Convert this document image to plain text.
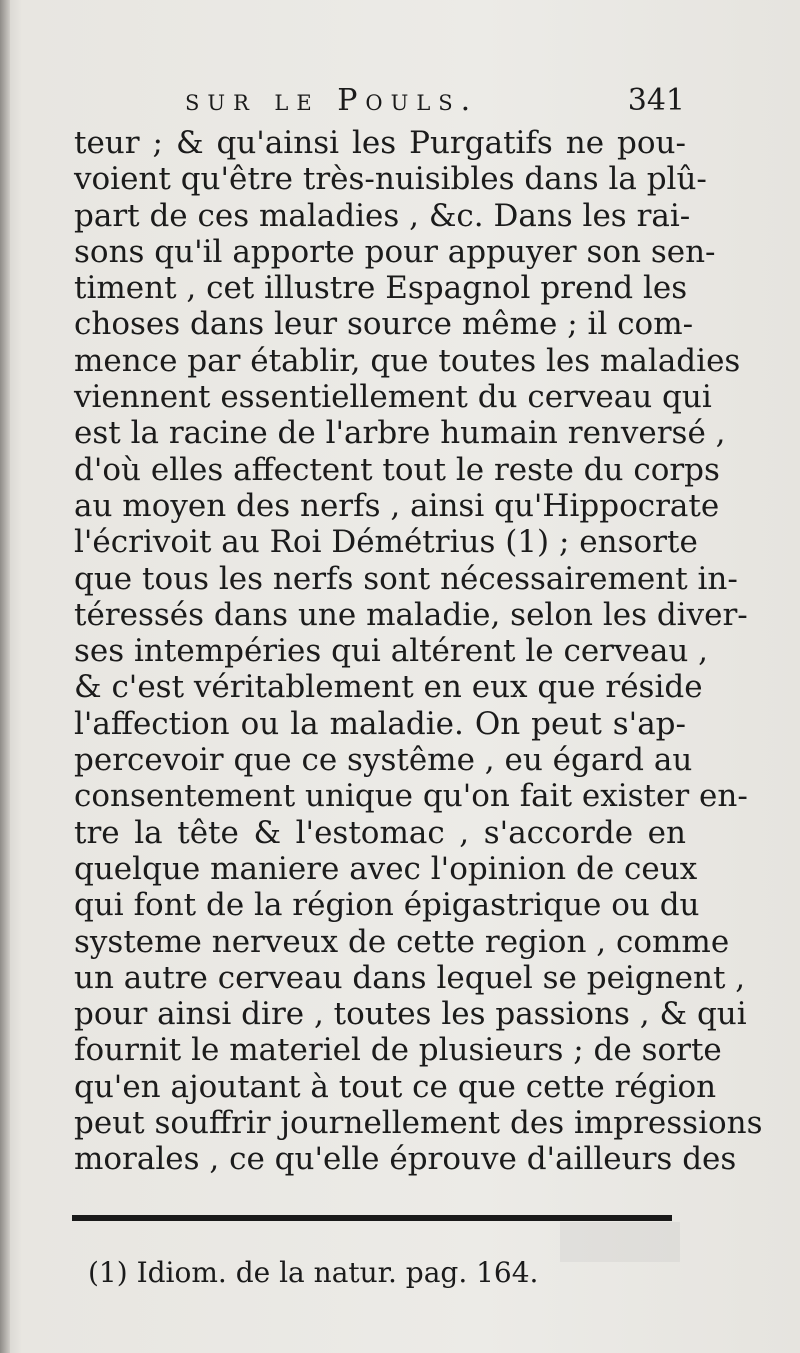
sur le Pouls.	341
teur ; & qu'ainsi les Purgatifs ne pou-
voient qu'être très-nuisibles dans la plû-
part de ces maladies , &c. Dans les rai-
sons qu'il apporte pour appuyer son sen-
timent , cet illustre Espagnol prend les
choses dans leur source même ; il com-
mence par établir, que toutes les maladies
viennent essentiellement du cerveau qui
est la racine de l'arbre humain renversé ,
d'où elles affectent tout le reste du corps
au moyen des nerfs , ainsi qu'Hippocrate
l'écrivoit au Roi Démétrius (1) ; ensorte
que tous les nerfs sont nécessairement in-
téressés dans une maladie, selon les diver-
ses intempéries qui altérent le cerveau ,
& c'est véritablement en eux que réside
l'affection ou la maladie. On peut s'ap-
percevoir que ce systême , eu égard au
consentement unique qu'on fait exister en-
tre la tête & l'estomac , s'accorde en
quelque maniere avec l'opinion de ceux
qui font de la région épigastrique ou du
systeme nerveux de cette region , comme
un autre cerveau dans lequel se peignent ,
pour ainsi dire , toutes les passions , & qui
fournit le materiel de plusieurs ; de sorte
qu'en ajoutant à tout ce que cette région
peut souffrir journellement des impressions
morales , ce qu'elle éprouve d'ailleurs des
(1) Idiom. de la natur. pag. 164.
